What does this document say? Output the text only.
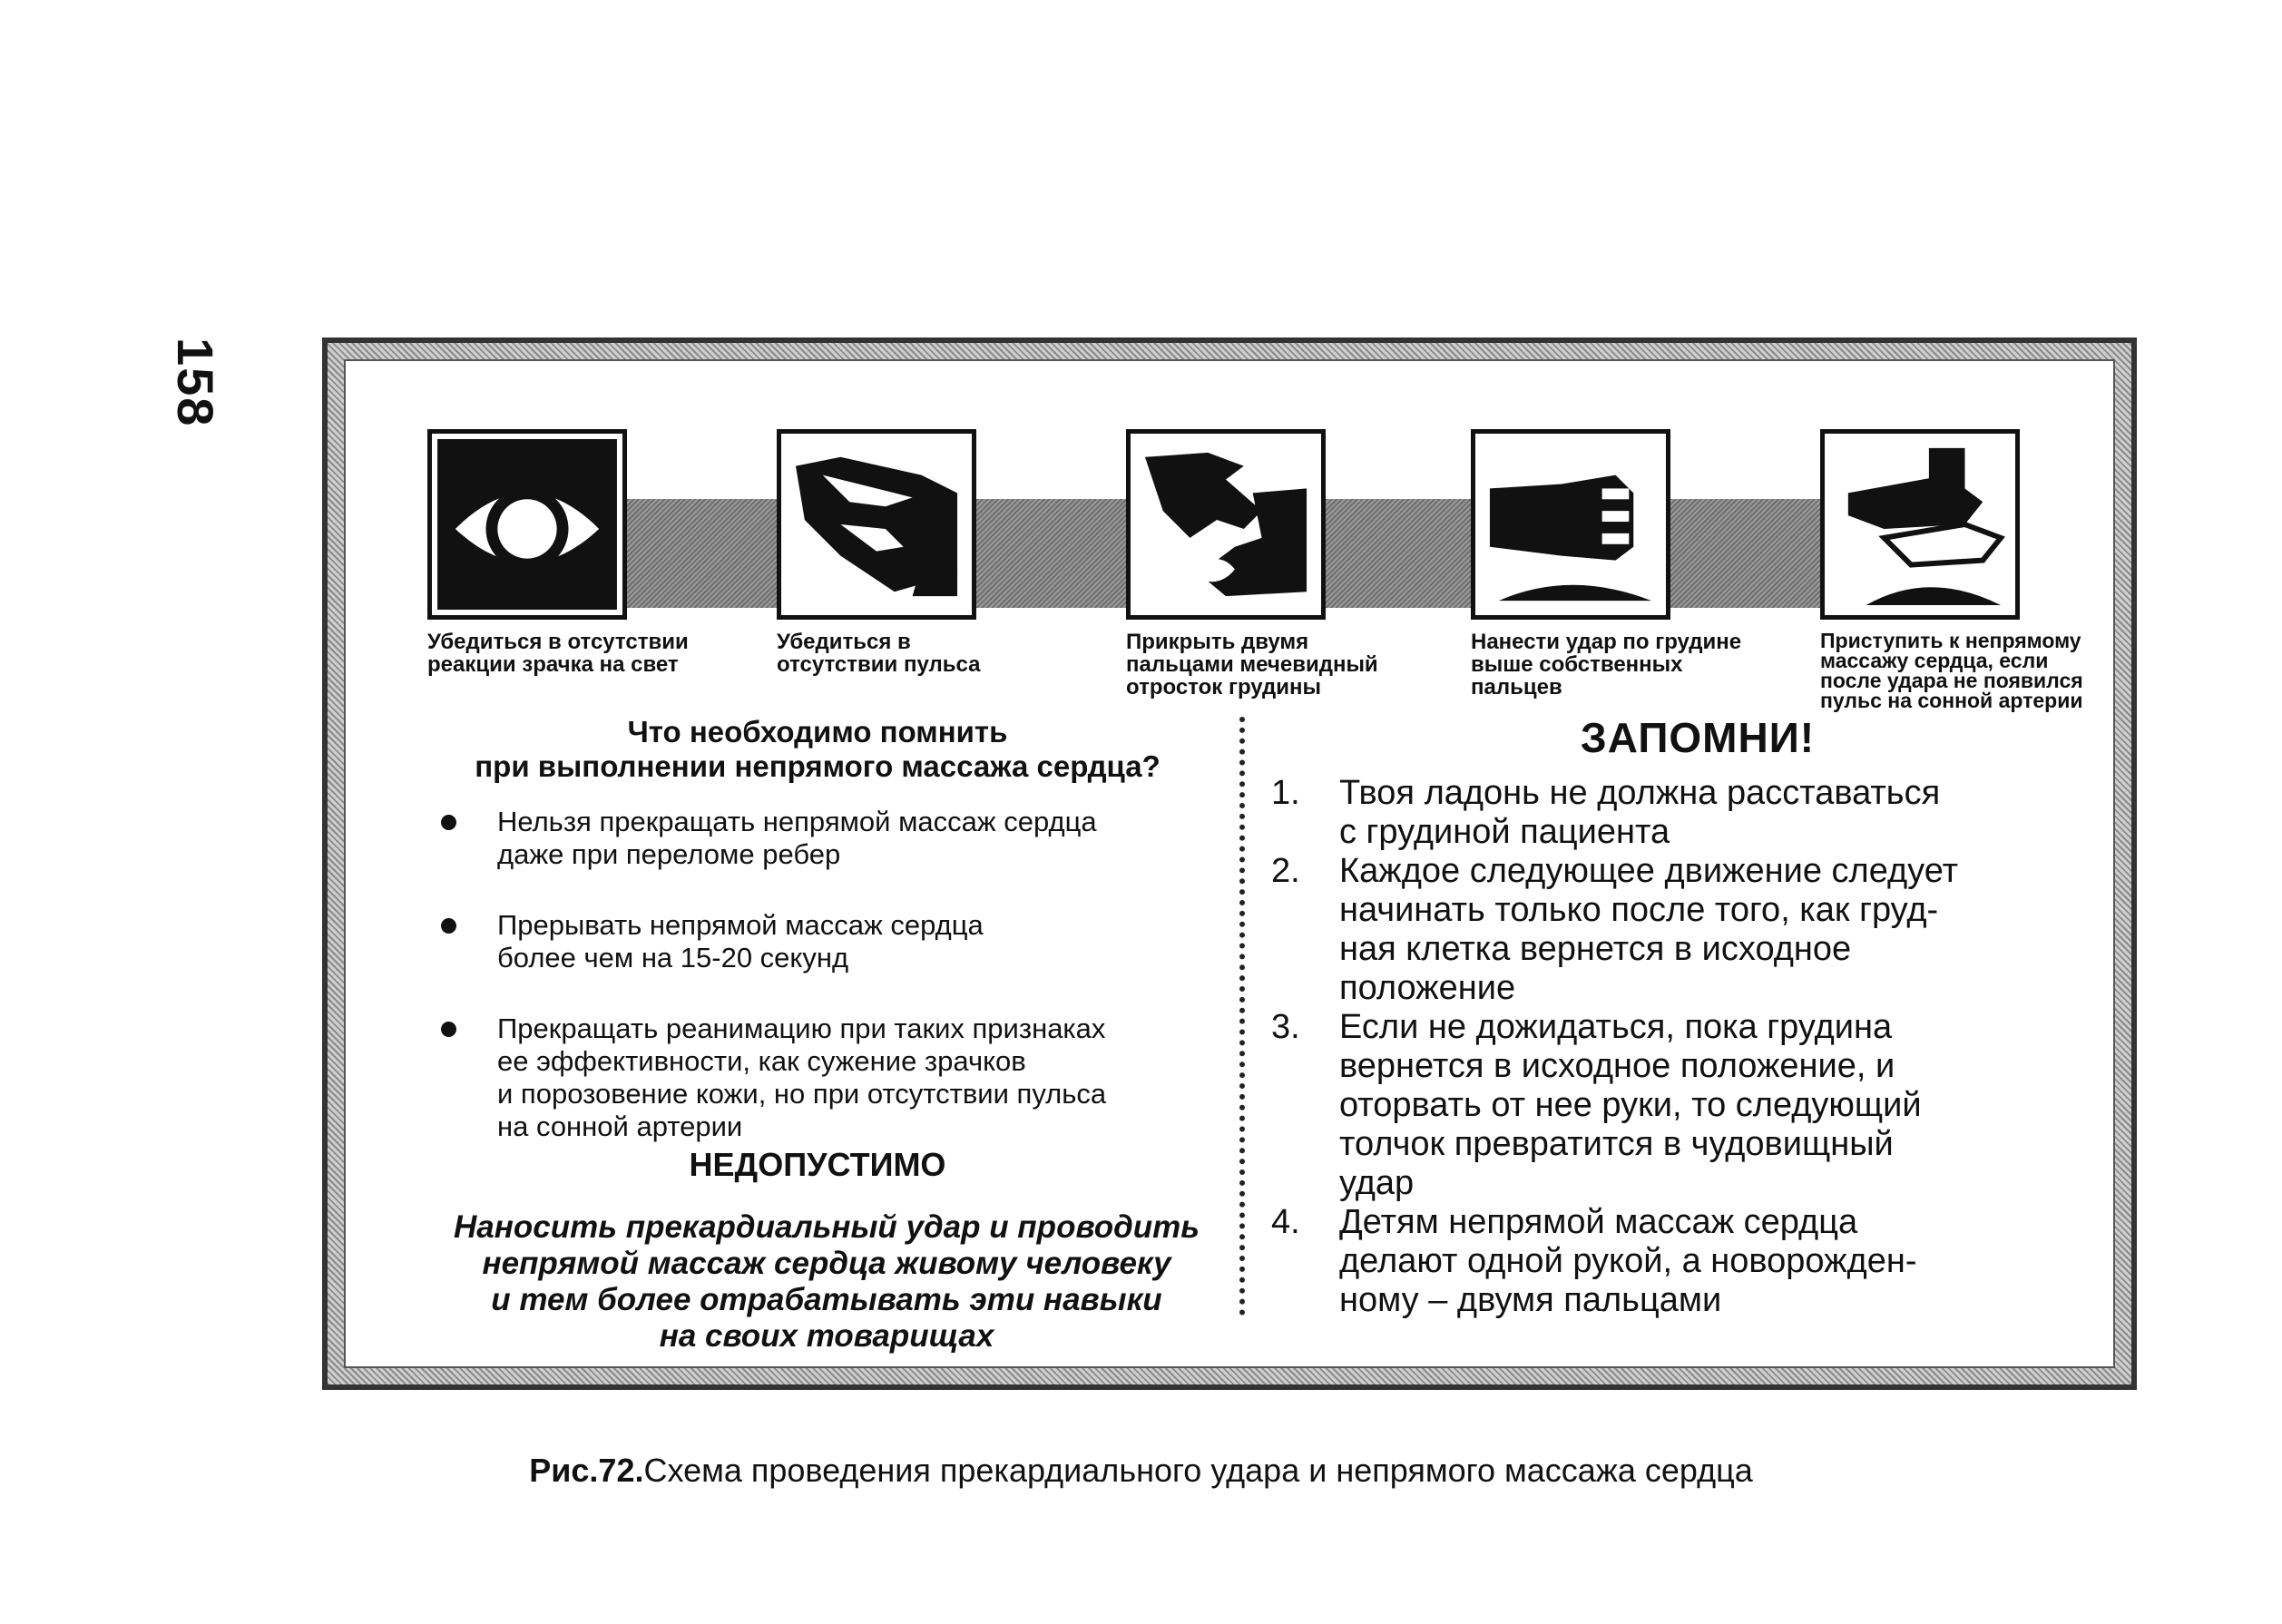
158
Убедиться в отсутствии
реакции зрачка на свет
Убедиться в
отсутствии пульса
Прикрыть двумя
пальцами мечевидный
отросток грудины
Нанести удар по грудине
выше собственных
пальцев
Приступить к непрямому
массажу сердца, если
после удара не появился
пульс на сонной артерии
Что необходимо помнить
при выполнении непрямого массажа сердца?
Нельзя прекращать непрямой массаж сердца
даже при переломе ребер
Прерывать непрямой массаж сердца
более чем на 15-20 секунд
Прекращать реанимацию при таких признаках
ее эффективности, как сужение зрачков
и порозовение кожи, но при отсутствии пульса
на сонной артерии
НЕДОПУСТИМО
Наносить прекардиальный удар и проводить
непрямой массаж сердца живому человеку
и тем более отрабатывать эти навыки
на своих товарищах
ЗАПОМНИ!
1. Твоя ладонь не должна расставаться
с грудиной пациента
2. Каждое следующее движение следует
начинать только после того, как груд-
ная клетка вернется в исходное
положение
3. Если не дожидаться, пока грудина
вернется в исходное положение, и
оторвать от нее руки, то следующий
толчок превратится в чудовищный
удар
4. Детям непрямой массаж сердца
делают одной рукой, а новорожден-
ному – двумя пальцами
Рис.72.Схема проведения прекардиального удара и непрямого массажа сердца
